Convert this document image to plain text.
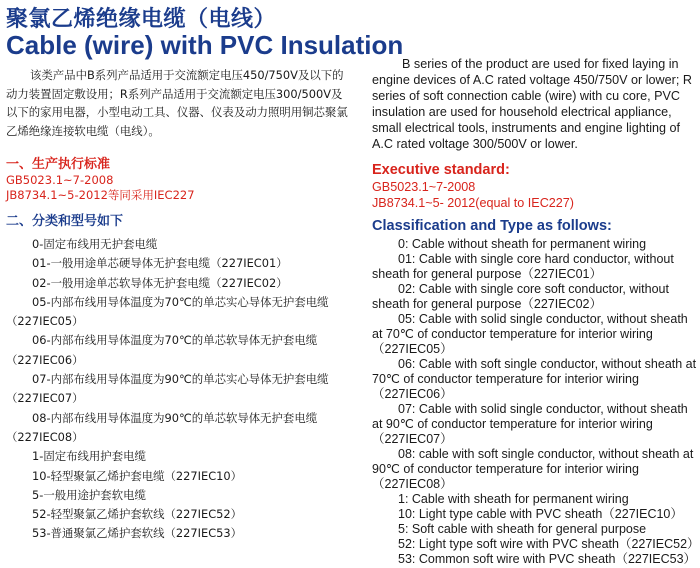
聚氯乙烯绝缘电缆（电线）
Cable (wire) with PVC Insulation

该类产品中B系列产品适用于交流额定电压450/750V及以下的动力装置固定敷设用；R系列产品适用于交流额定电压300/500V及以下的家用电器，小型电动工具、仪器、仪表及动力照明用铜芯聚氯乙烯绝缘连接软电缆（电线）。

一、生产执行标准
GB5023.1~7-2008
JB8734.1~5-2012等同采用IEC227
二、分类和型号如下
0-固定布线用无护套电缆
01-一般用途单芯硬导体无护套电缆（227IEC01）
02-一般用途单芯软导体无护套电缆（227IEC02）
05-内部布线用导体温度为70℃的单芯实心导体无护套电缆（227IEC05）
06-内部布线用导体温度为70℃的单芯软导体无护套电缆（227IEC06）
07-内部布线用导体温度为90℃的单芯实心导体无护套电缆（227IEC07）
08-内部布线用导体温度为90℃的单芯软导体无护套电缆（227IEC08）
1-固定布线用护套电缆
10-轻型聚氯乙烯护套电缆（227IEC10）
5-一般用途护套软电缆
52-轻型聚氯乙烯护套软线（227IEC52）
53-普通聚氯乙烯护套软线（227IEC53）

B series of the product are used for fixed laying in engine devices of A.C rated voltage 450/750V or lower; R series of soft connection cable (wire) with cu core, PVC insulation are used for household electrical appliance, small electrical tools, instruments and engine lighting of A.C rated voltage 300/500V or lower.

Executive standard:
GB5023.1~7-2008
JB8734.1~5- 2012(equal to IEC227)
Classification and Type as follows:
0: Cable without sheath for permanent wiring
01: Cable with single core hard conductor, without sheath for general purpose（227IEC01）
02: Cable with single core soft conductor, without sheath for general purpose（227IEC02）
05: Cable with solid single conductor, without sheath at 70℃ of conductor temperature for interior wiring（227IEC05）
06: Cable with soft single conductor, without sheath at 70℃ of conductor temperature for interior wiring（227IEC06）
07: Cable with solid single conductor, without sheath at 90℃ of conductor temperature for interior wiring（227IEC07）
08: cable with soft single conductor, without sheath at 90℃ of conductor temperature for interior wiring（227IEC08）
1: Cable with sheath for permanent wiring
10: Light type cable with PVC sheath（227IEC10）
5: Soft cable with sheath for general purpose
52: Light type soft wire with PVC sheath（227IEC52）
53: Common soft wire with PVC sheath（227IEC53）
